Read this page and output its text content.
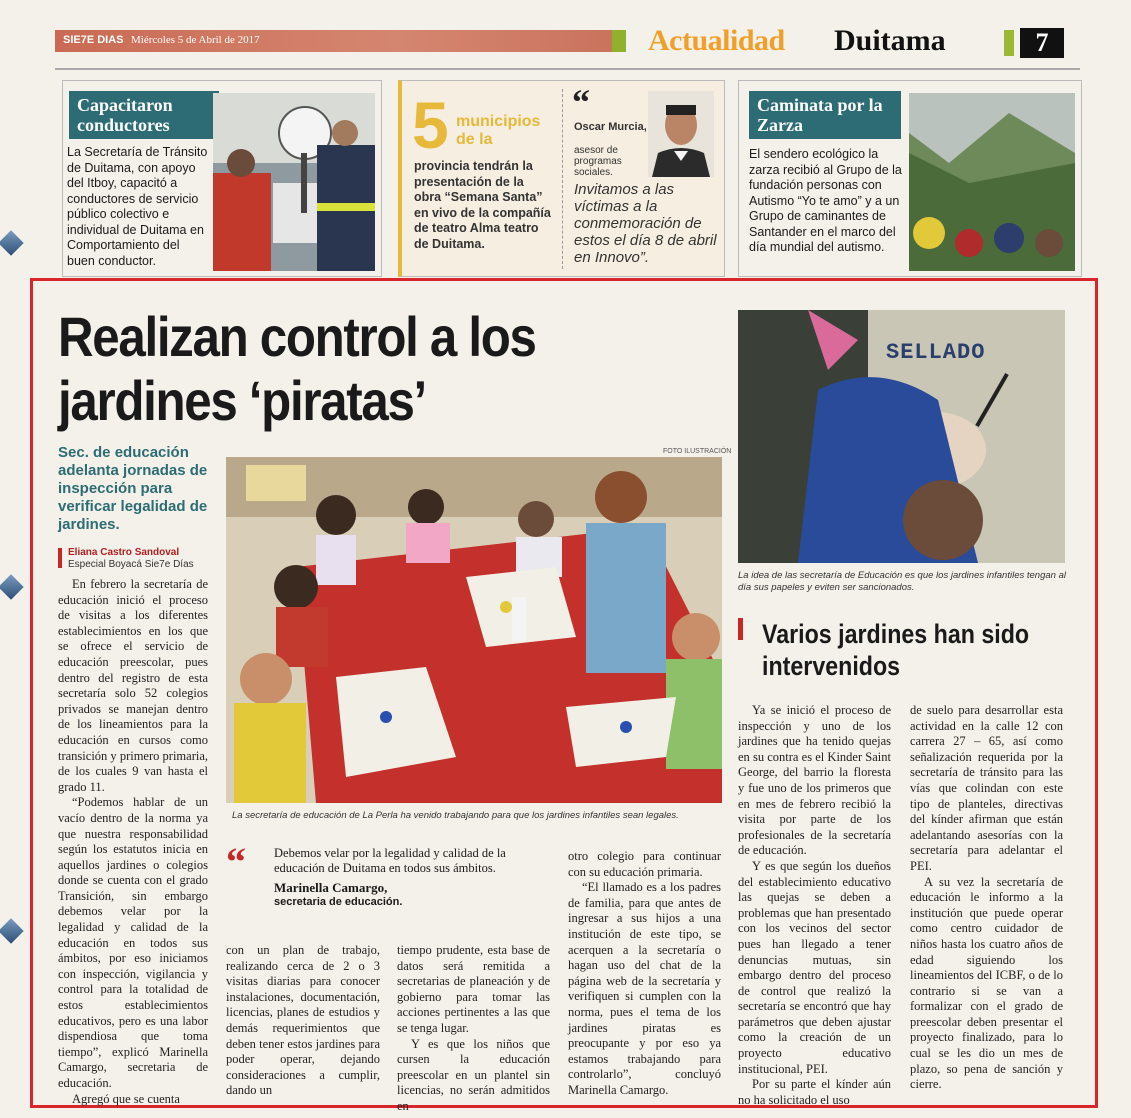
SIE7E DIAS Miércoles 5 de Abril de 2017	Actualidad Duitama	7
Capacitaron conductores
La Secretaría de Tránsito de Duitama, con apoyo del Itboy, capacitó a conductores de servicio público colectivo e individual de Duitama en Comportamiento del buen conductor.
5 municipios de la
provincia tendrán la presentación de la obra “Semana Santa” en vivo de la compañía de teatro Alma teatro de Duitama.
“
Oscar Murcia,
asesor de programas sociales.
Invitamos a las víctimas a la conmemoración de estos el día 8 de abril en Innovo”.
Caminata por la Zarza
El sendero ecológico la zarza recibió al Grupo de la fundación personas con Autismo “Yo te amo” y a un Grupo de caminantes de Santander en el marco del día mundial del autismo.
Realizan control a los jardines ‘piratas’
Sec. de educación adelanta jornadas de inspección para verificar legalidad de jardines.
Eliana Castro Sandoval
Especial Boyacá Sie7e Días
FOTO ILUSTRACIÓN
La secretaría de educación de La Perla ha venido trabajando para que los jardines infantiles sean legales.
SELLADO
La idea de las secretaría de Educación es que los jardines infantiles tengan al día sus papeles y eviten ser sancionados.

En febrero la secretaría de educación inició el proceso de visitas a los diferentes establecimientos en los que se ofrece el servicio de educación preescolar, pues dentro del registro de esta secretaría solo 52 colegios privados se manejan dentro de los lineamientos para la educación en cursos como transición y primero primaria, de los cuales 9 van hasta el grado 11.

“Podemos hablar de un vacío dentro de la norma ya que nuestra responsabilidad según los estatutos inicia en aquellos jardines o colegios donde se cuenta con el grado Transición, sin embargo debemos velar por la legalidad y calidad de la educación en todos sus ámbitos, por eso iniciamos con inspección, vigilancia y control para la totalidad de estos establecimientos educativos, pero es una labor dispendiosa que toma tiempo”, explicó Marinella Camargo, secretaria de educación.

Agregó que se cuenta

“ Debemos velar por la legalidad y calidad de la educación de Duitama en todos sus ámbitos.
Marinella Camargo,
secretaria de educación.

con un plan de trabajo, realizando cerca de 2 o 3 visitas diarias para conocer instalaciones, documentación, licencias, planes de estudios y demás requerimientos que deben tener estos jardines para poder operar, dejando consideraciones a cumplir, dando un

tiempo prudente, esta base de datos será remitida a secretarias de planeación y de gobierno para tomar las acciones pertinentes a las que se tenga lugar.

Y es que los niños que cursen la educación preescolar en un plantel sin licencias, no serán admitidos en

otro colegio para continuar con su educación primaria.

“El llamado es a los padres de familia, para que antes de ingresar a sus hijos a una institución de este tipo, se acerquen a la secretaría o hagan uso del chat de la página web de la secretaría y verifiquen si cumplen con la norma, pues el tema de los jardines piratas es preocupante y por eso ya estamos trabajando para controlarlo”, concluyó Marinella Camargo.

Varios jardines han sido intervenidos

Ya se inició el proceso de inspección y uno de los jardines que ha tenido quejas en su contra es el Kinder Saint George, del barrio la floresta y fue uno de los primeros que en mes de febrero recibió la visita por parte de los profesionales de la secretaría de educación.

Y es que según los dueños del establecimiento educativo las quejas se deben a problemas que han presentado con los vecinos del sector pues han llegado a tener denuncias mutuas, sin embargo dentro del proceso de control que realizó la secretaría se encontró que hay parámetros que deben ajustar como la creación de un proyecto educativo institucional, PEI.

Por su parte el kínder aún no ha solicitado el uso

de suelo para desarrollar esta actividad en la calle 12 con carrera 27 – 65, así como señalización requerida por la secretaría de tránsito para las vías que colindan con este tipo de planteles, directivas del kínder afirman que están adelantando asesorías con la secretaría para adelantar el PEI.

A su vez la secretaría de educación le informo a la institución que puede operar como centro cuidador de niños hasta los cuatro años de edad siguiendo los lineamientos del ICBF, o de lo contrario si se van a formalizar con el grado de preescolar deben presentar el proyecto finalizado, para lo cual se les dio un mes de plazo, so pena de sanción y cierre.
